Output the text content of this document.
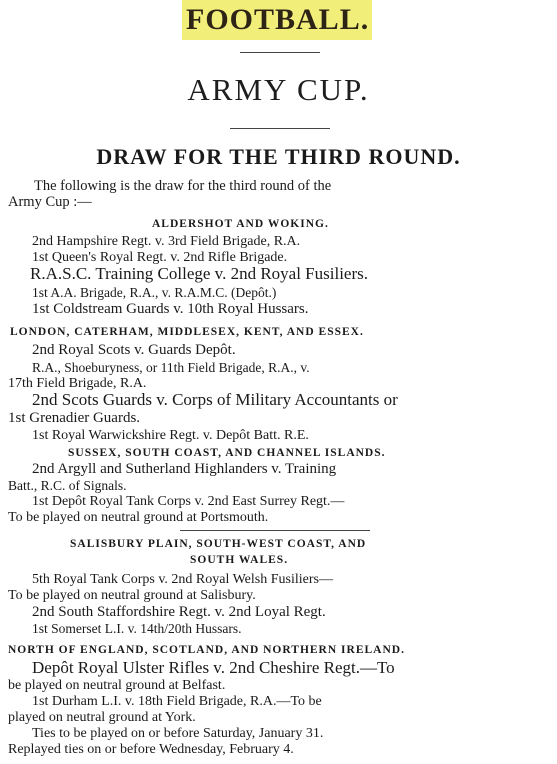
FOOTBALL.
ARMY CUP.
DRAW FOR THE THIRD ROUND.
The following is the draw for the third round of the
Army Cup :—
ALDERSHOT AND WOKING.
2nd Hampshire Regt. v. 3rd Field Brigade, R.A.
1st Queen's Royal Regt. v. 2nd Rifle Brigade.
R.A.S.C. Training College v. 2nd Royal Fusiliers.
1st A.A. Brigade, R.A., v. R.A.M.C. (Depôt.)
1st Coldstream Guards v. 10th Royal Hussars.
LONDON, CATERHAM, MIDDLESEX, KENT, AND ESSEX.
2nd Royal Scots v. Guards Depôt.
R.A., Shoeburyness, or 11th Field Brigade, R.A., v.
17th Field Brigade, R.A.
2nd Scots Guards v. Corps of Military Accountants or
1st Grenadier Guards.
1st Royal Warwickshire Regt. v. Depôt Batt. R.E.
SUSSEX, SOUTH COAST, AND CHANNEL ISLANDS.
2nd Argyll and Sutherland Highlanders v. Training
Batt., R.C. of Signals.
1st Depôt Royal Tank Corps v. 2nd East Surrey Regt.—
To be played on neutral ground at Portsmouth.
SALISBURY PLAIN, SOUTH-WEST COAST, AND
SOUTH WALES.
5th Royal Tank Corps v. 2nd Royal Welsh Fusiliers—
To be played on neutral ground at Salisbury.
2nd South Staffordshire Regt. v. 2nd Loyal Regt.
1st Somerset L.I. v. 14th/20th Hussars.
NORTH OF ENGLAND, SCOTLAND, AND NORTHERN IRELAND.
Depôt Royal Ulster Rifles v. 2nd Cheshire Regt.—To
be played on neutral ground at Belfast.
1st Durham L.I. v. 18th Field Brigade, R.A.—To be
played on neutral ground at York.
Ties to be played on or before Saturday, January 31.
Replayed ties on or before Wednesday, February 4.
